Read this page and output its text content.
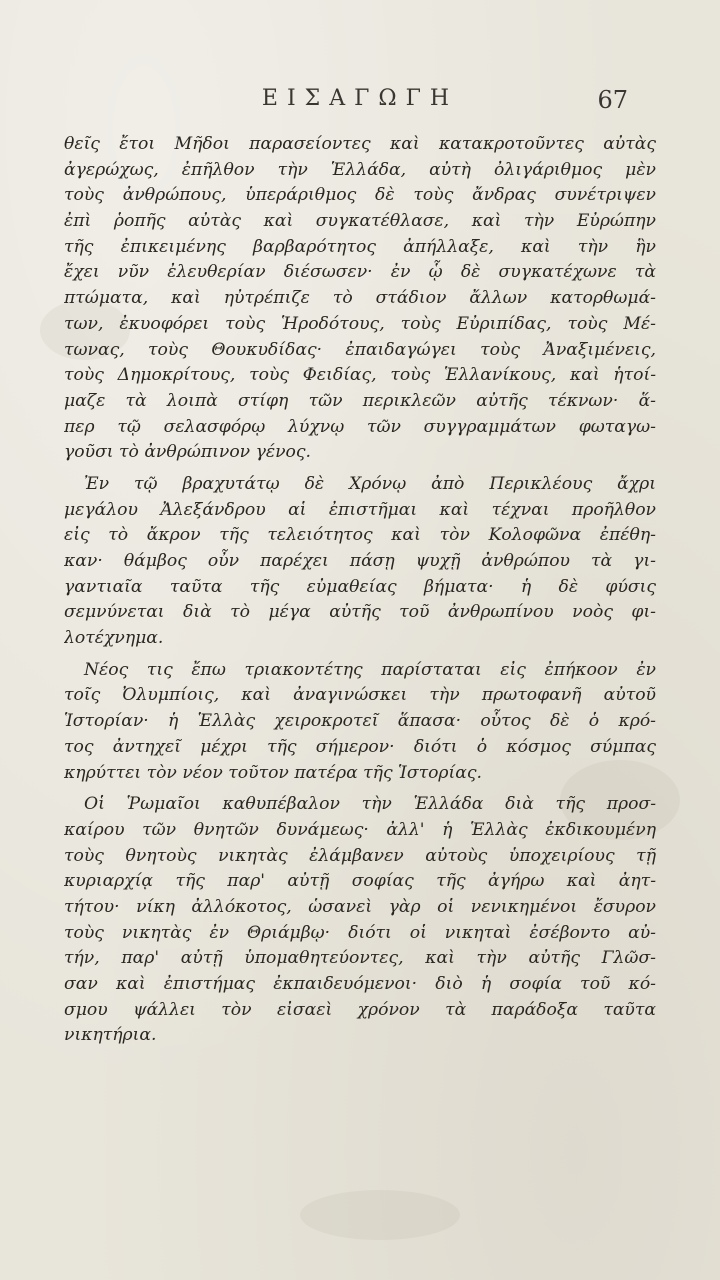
ΕΙΣΑΓΩΓΗ	67
θεῖς ἔτοι Μῆδοι παρασείοντες καὶ κατακροτοῦντες αὐτὰς
ἀγερώχως, ἐπῆλθον τὴν Ἑλλάδα, αὐτὴ ὀλιγάριθμος μὲν
τοὺς ἀνθρώπους, ὑπεράριθμος δὲ τοὺς ἄνδρας συνέτριψεν
ἐπὶ ῥοπῆς αὐτὰς καὶ συγκατέθλασε, καὶ τὴν Εὐρώπην
τῆς ἐπικειμένης βαρβαρότητος ἀπήλλαξε, καὶ τὴν ἣν
ἔχει νῦν ἐλευθερίαν διέσωσεν· ἐν ᾧ δὲ συγκατέχωνε τὰ
πτώματα, καὶ ηὐτρέπιζε τὸ στάδιον ἄλλων κατορθωμά-
των, ἐκυοφόρει τοὺς Ἡροδότους, τοὺς Εὐριπίδας, τοὺς Μέ-
τωνας, τοὺς Θουκυδίδας· ἐπαιδαγώγει τοὺς Ἀναξιμένεις,
τοὺς Δημοκρίτους, τοὺς Φειδίας, τοὺς Ἑλλανίκους, καὶ ἡτοί-
μαζε τὰ λοιπὰ στίφη τῶν περικλεῶν αὐτῆς τέκνων· ἅ-
περ τῷ σελασφόρῳ λύχνῳ τῶν συγγραμμάτων φωταγω-
γοῦσι τὸ ἀνθρώπινον γένος.
Ἐν τῷ βραχυτάτῳ δὲ Χρόνῳ ἀπὸ Περικλέους ἄχρι
μεγάλου Ἀλεξάνδρου αἱ ἐπιστῆμαι καὶ τέχναι προῆλθον
εἰς τὸ ἄκρον τῆς τελειότητος καὶ τὸν Κολοφῶνα ἐπέθη-
καν· θάμβος οὖν παρέχει πάσῃ ψυχῇ ἀνθρώπου τὰ γι-
γαντιαῖα ταῦτα τῆς εὐμαθείας βήματα· ἡ δὲ φύσις
σεμνύνεται διὰ τὸ μέγα αὐτῆς τοῦ ἀνθρωπίνου νοὸς φι-
λοτέχνημα.
Νέος τις ἔπω τριακοντέτης παρίσταται εἰς ἐπήκοον ἐν
τοῖς Ὀλυμπίοις, καὶ ἀναγινώσκει τὴν πρωτοφανῆ αὐτοῦ
Ἱστορίαν· ἡ Ἑλλὰς χειροκροτεῖ ἅπασα· οὗτος δὲ ὁ κρό-
τος ἀντηχεῖ μέχρι τῆς σήμερον· διότι ὁ κόσμος σύμπας
κηρύττει τὸν νέον τοῦτον πατέρα τῆς Ἱστορίας.
Οἱ Ῥωμαῖοι καθυπέβαλον τὴν Ἑλλάδα διὰ τῆς προσ-
καίρου τῶν θνητῶν δυνάμεως· ἀλλ' ἡ Ἑλλὰς ἐκδικουμένη
τοὺς θνητοὺς νικητὰς ἐλάμβανεν αὐτοὺς ὑποχειρίους τῇ
κυριαρχίᾳ τῆς παρ' αὐτῇ σοφίας τῆς ἀγήρω καὶ ἀητ-
τήτου· νίκη ἀλλόκοτος, ὡσανεὶ γὰρ οἱ νενικημένοι ἔσυρον
τοὺς νικητὰς ἐν Θριάμβῳ· διότι οἱ νικηταὶ ἐσέβοντο αὐ-
τήν, παρ' αὐτῇ ὑπομαθητεύοντες, καὶ τὴν αὐτῆς Γλῶσ-
σαν καὶ ἐπιστήμας ἐκπαιδευόμενοι· διὸ ἡ σοφία τοῦ κό-
σμου ψάλλει τὸν εἰσαεὶ χρόνον τὰ παράδοξα ταῦτα
νικητήρια.
